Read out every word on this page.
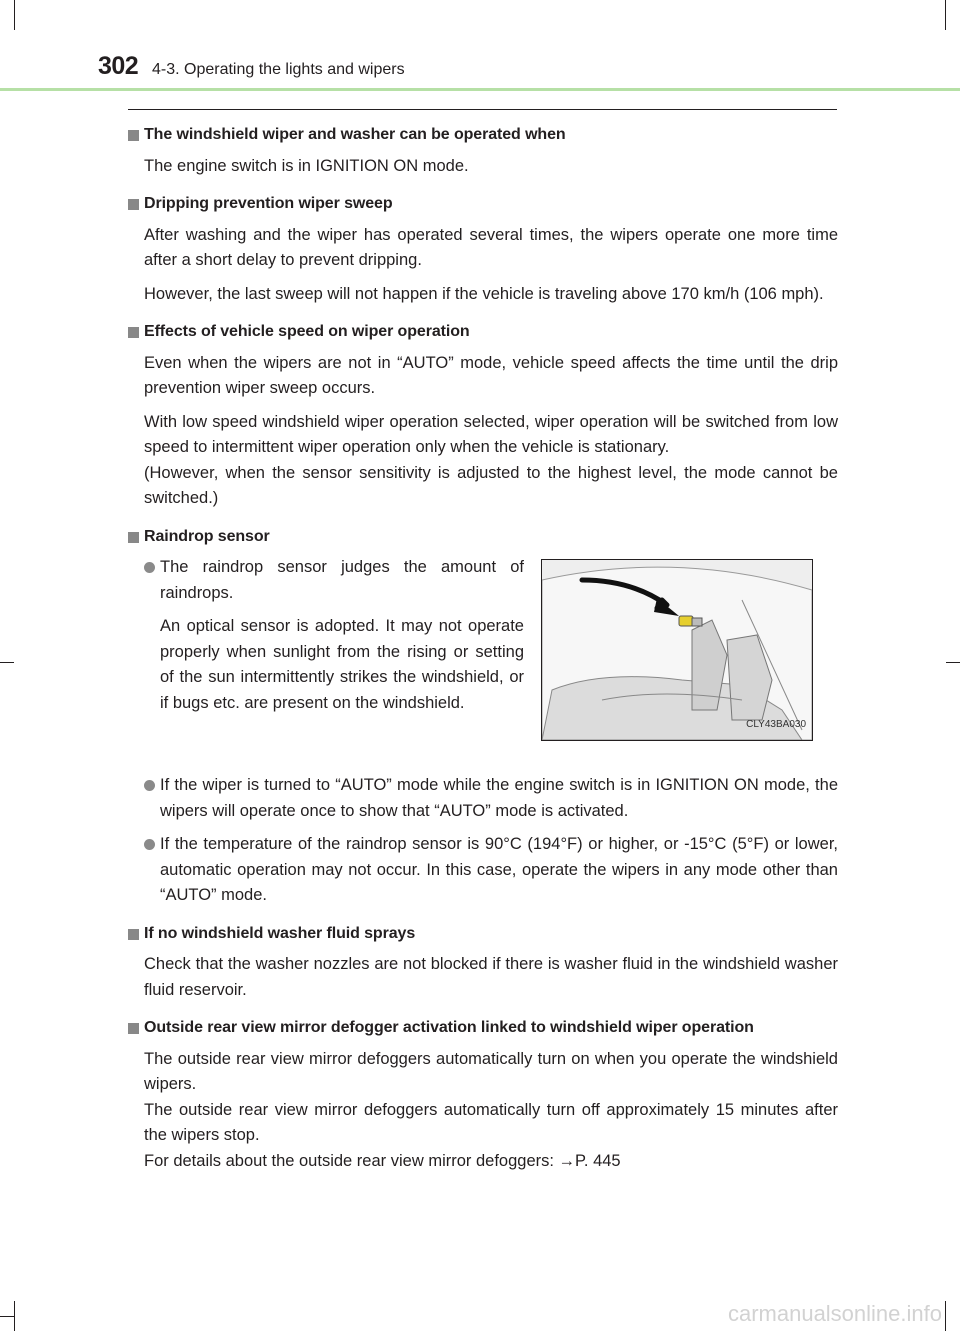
302 4-3. Operating the lights and wipers
The windshield wiper and washer can be operated when

The engine switch is in IGNITION ON mode.

Dripping prevention wiper sweep

After washing and the wiper has operated several times, the wipers operate one more time after a short delay to prevent dripping.

However, the last sweep will not happen if the vehicle is traveling above 170 km/h (106 mph).

Effects of vehicle speed on wiper operation

Even when the wipers are not in “AUTO” mode, vehicle speed affects the time until the drip prevention wiper sweep occurs.

With low speed windshield wiper operation selected, wiper operation will be switched from low speed to intermittent wiper operation only when the vehicle is stationary.
(However, when the sensor sensitivity is adjusted to the highest level, the mode cannot be switched.)
Raindrop sensor
The raindrop sensor judges the amount of raindrops.

An optical sensor is adopted. It may not operate properly when sunlight from the rising or setting of the sun intermittently strikes the windshield, or if bugs etc. are present on the windshield.

CLY43BA030
If the wiper is turned to “AUTO” mode while the engine switch is in IGNITION ON mode, the wipers will operate once to show that “AUTO” mode is activated.
If the temperature of the raindrop sensor is 90°C (194°F) or higher, or -15°C (5°F) or lower, automatic operation may not occur. In this case, operate the wipers in any mode other than “AUTO” mode.
If no windshield washer fluid sprays

Check that the washer nozzles are not blocked if there is washer fluid in the windshield washer fluid reservoir.

Outside rear view mirror defogger activation linked to windshield wiper operation
The outside rear view mirror defoggers automatically turn on when you operate the windshield wipers.
The outside rear view mirror defoggers automatically turn off approximately 15 minutes after the wipers stop.
For details about the outside rear view mirror defoggers: →P. 445
carmanualsonline.info
